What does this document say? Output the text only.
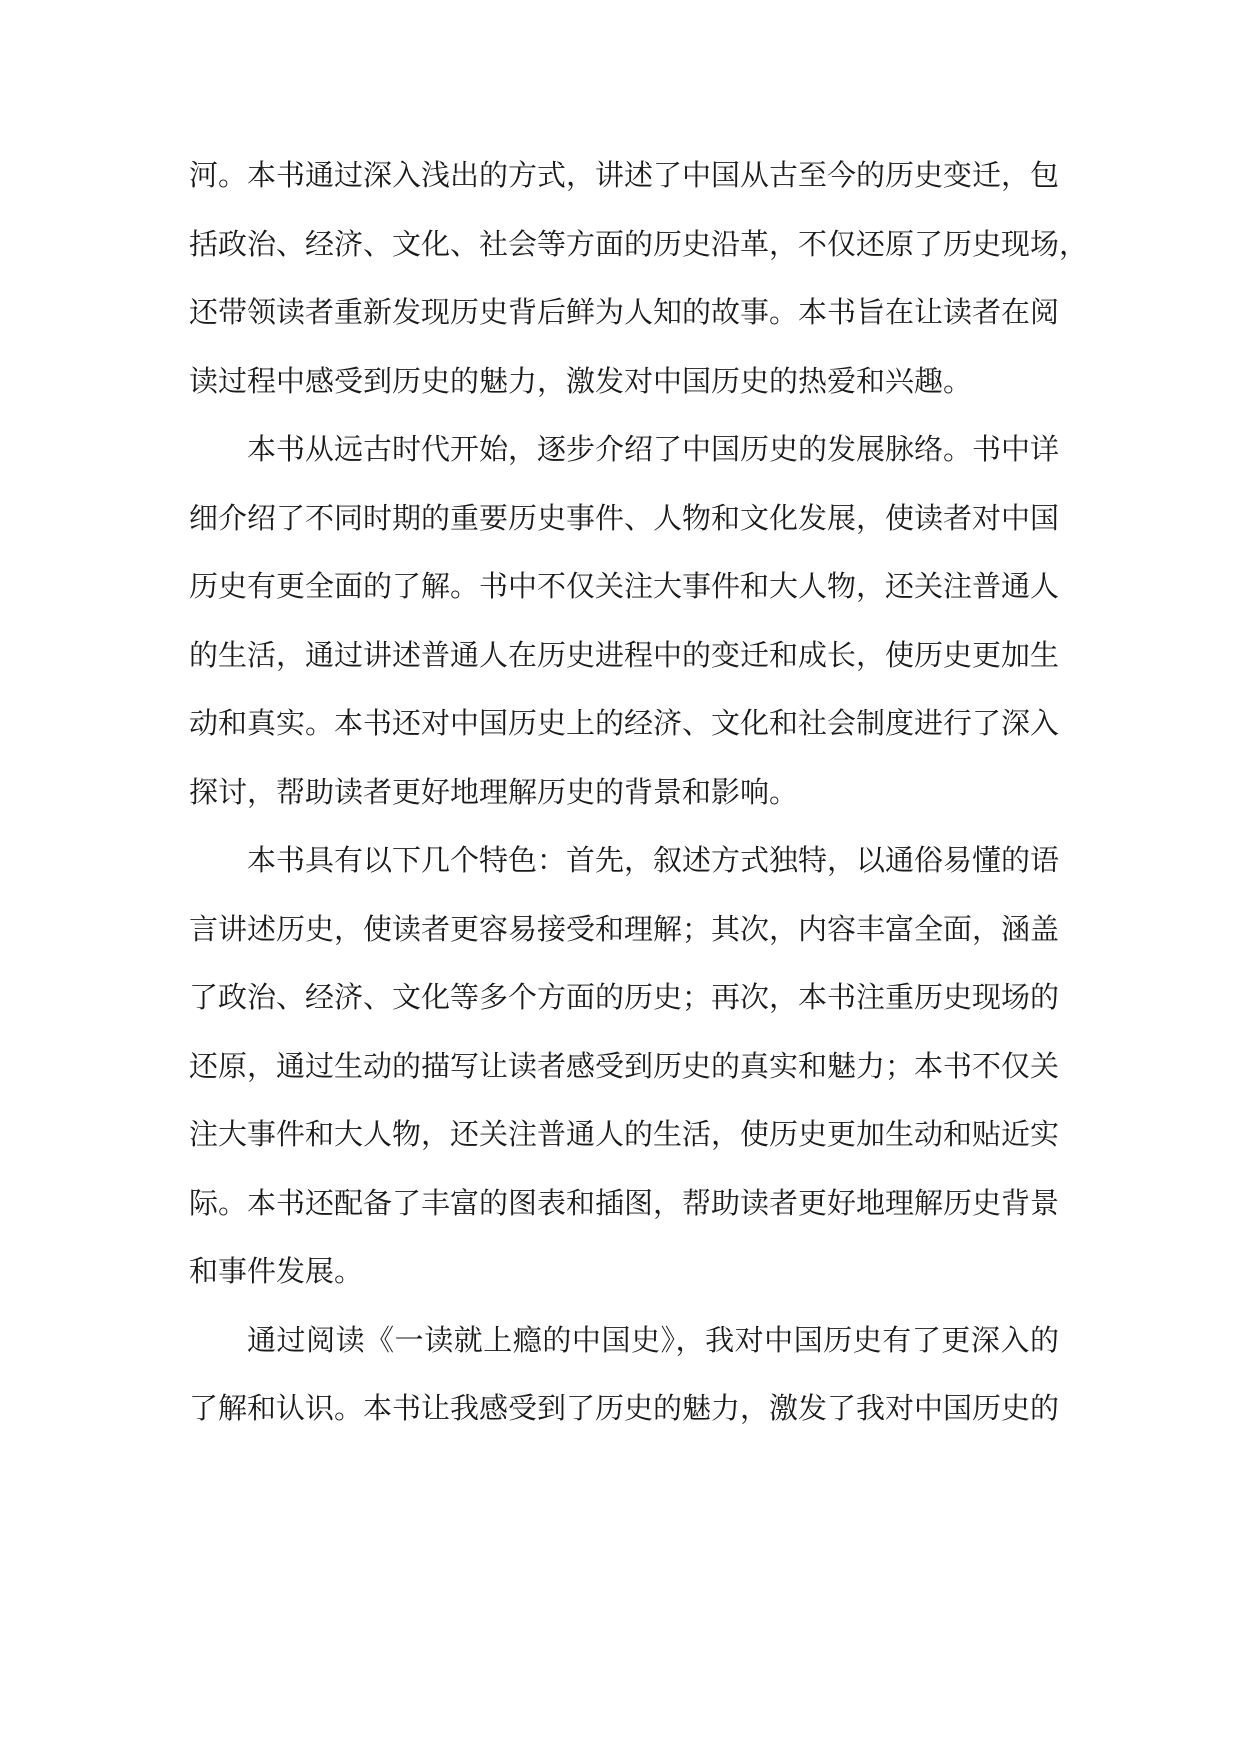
河。本书通过深入浅出的方式，讲述了中国从古至今的历史变迁，包
括政治、经济、文化、社会等方面的历史沿革，不仅还原了历史现场，
还带领读者重新发现历史背后鲜为人知的故事。本书旨在让读者在阅
读过程中感受到历史的魅力，激发对中国历史的热爱和兴趣。
本书从远古时代开始，逐步介绍了中国历史的发展脉络。书中详
细介绍了不同时期的重要历史事件、人物和文化发展，使读者对中国
历史有更全面的了解。书中不仅关注大事件和大人物，还关注普通人
的生活，通过讲述普通人在历史进程中的变迁和成长，使历史更加生
动和真实。本书还对中国历史上的经济、文化和社会制度进行了深入
探讨，帮助读者更好地理解历史的背景和影响。
本书具有以下几个特色：首先，叙述方式独特，以通俗易懂的语
言讲述历史，使读者更容易接受和理解；其次，内容丰富全面，涵盖
了政治、经济、文化等多个方面的历史；再次，本书注重历史现场的
还原，通过生动的描写让读者感受到历史的真实和魅力；本书不仅关
注大事件和大人物，还关注普通人的生活，使历史更加生动和贴近实
际。本书还配备了丰富的图表和插图，帮助读者更好地理解历史背景
和事件发展。
通过阅读《一读就上瘾的中国史》，我对中国历史有了更深入的
了解和认识。本书让我感受到了历史的魅力，激发了我对中国历史的
